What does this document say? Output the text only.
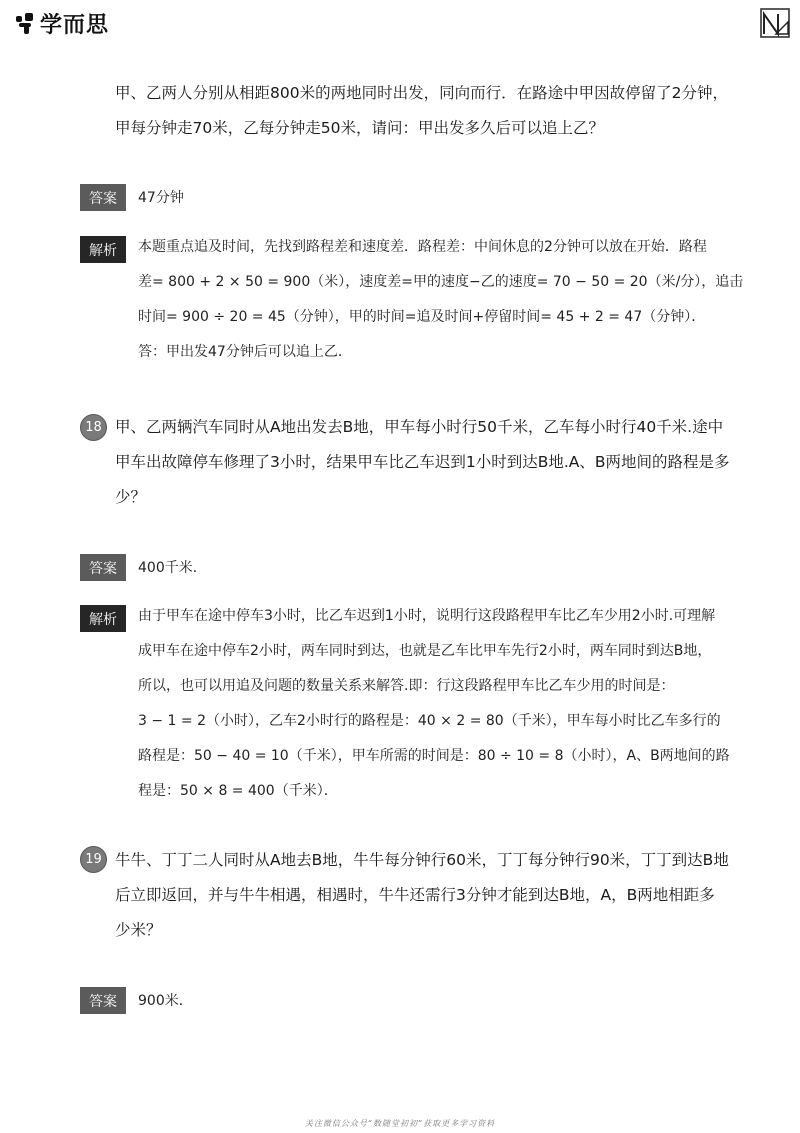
学而思
甲、乙两人分别从相距800米的两地同时出发，同向而行．在路途中甲因故停留了2分钟，
甲每分钟走70米，乙每分钟走50米，请问：甲出发多久后可以追上乙？
答案	47分钟
解析	本题重点追及时间，先找到路程差和速度差．路程差：中间休息的2分钟可以放在开始．路程
差= 800 + 2 × 50 = 900（米），速度差=甲的速度−乙的速度= 70 − 50 = 20（米/分），追击
时间= 900 ÷ 20 = 45（分钟），甲的时间=追及时间+停留时间= 45 + 2 = 47（分钟）．
答：甲出发47分钟后可以追上乙．
18 甲、乙两辆汽车同时从A地出发去B地，甲车每小时行50千米，乙车每小时行40千米.途中
甲车出故障停车修理了3小时，结果甲车比乙车迟到1小时到达B地.A、B两地间的路程是多
少？
答案	400千米．
解析	由于甲车在途中停车3小时，比乙车迟到1小时，说明行这段路程甲车比乙车少用2小时.可理解
成甲车在途中停车2小时，两车同时到达，也就是乙车比甲车先行2小时，两车同时到达B地，
所以，也可以用追及问题的数量关系来解答.即：行这段路程甲车比乙车少用的时间是：
3 − 1 = 2（小时），乙车2小时行的路程是：40 × 2 = 80（千米），甲车每小时比乙车多行的
路程是：50 − 40 = 10（千米），甲车所需的时间是：80 ÷ 10 = 8（小时），A、B两地间的路
程是：50 × 8 = 400（千米）．
19 牛牛、丁丁二人同时从A地去B地，牛牛每分钟行60米，丁丁每分钟行90米，丁丁到达B地
后立即返回，并与牛牛相遇，相遇时，牛牛还需行3分钟才能到达B地，A，B两地相距多
少米？
答案	900米．
关注微信公众号“数随堂初初”获取更多学习资料
